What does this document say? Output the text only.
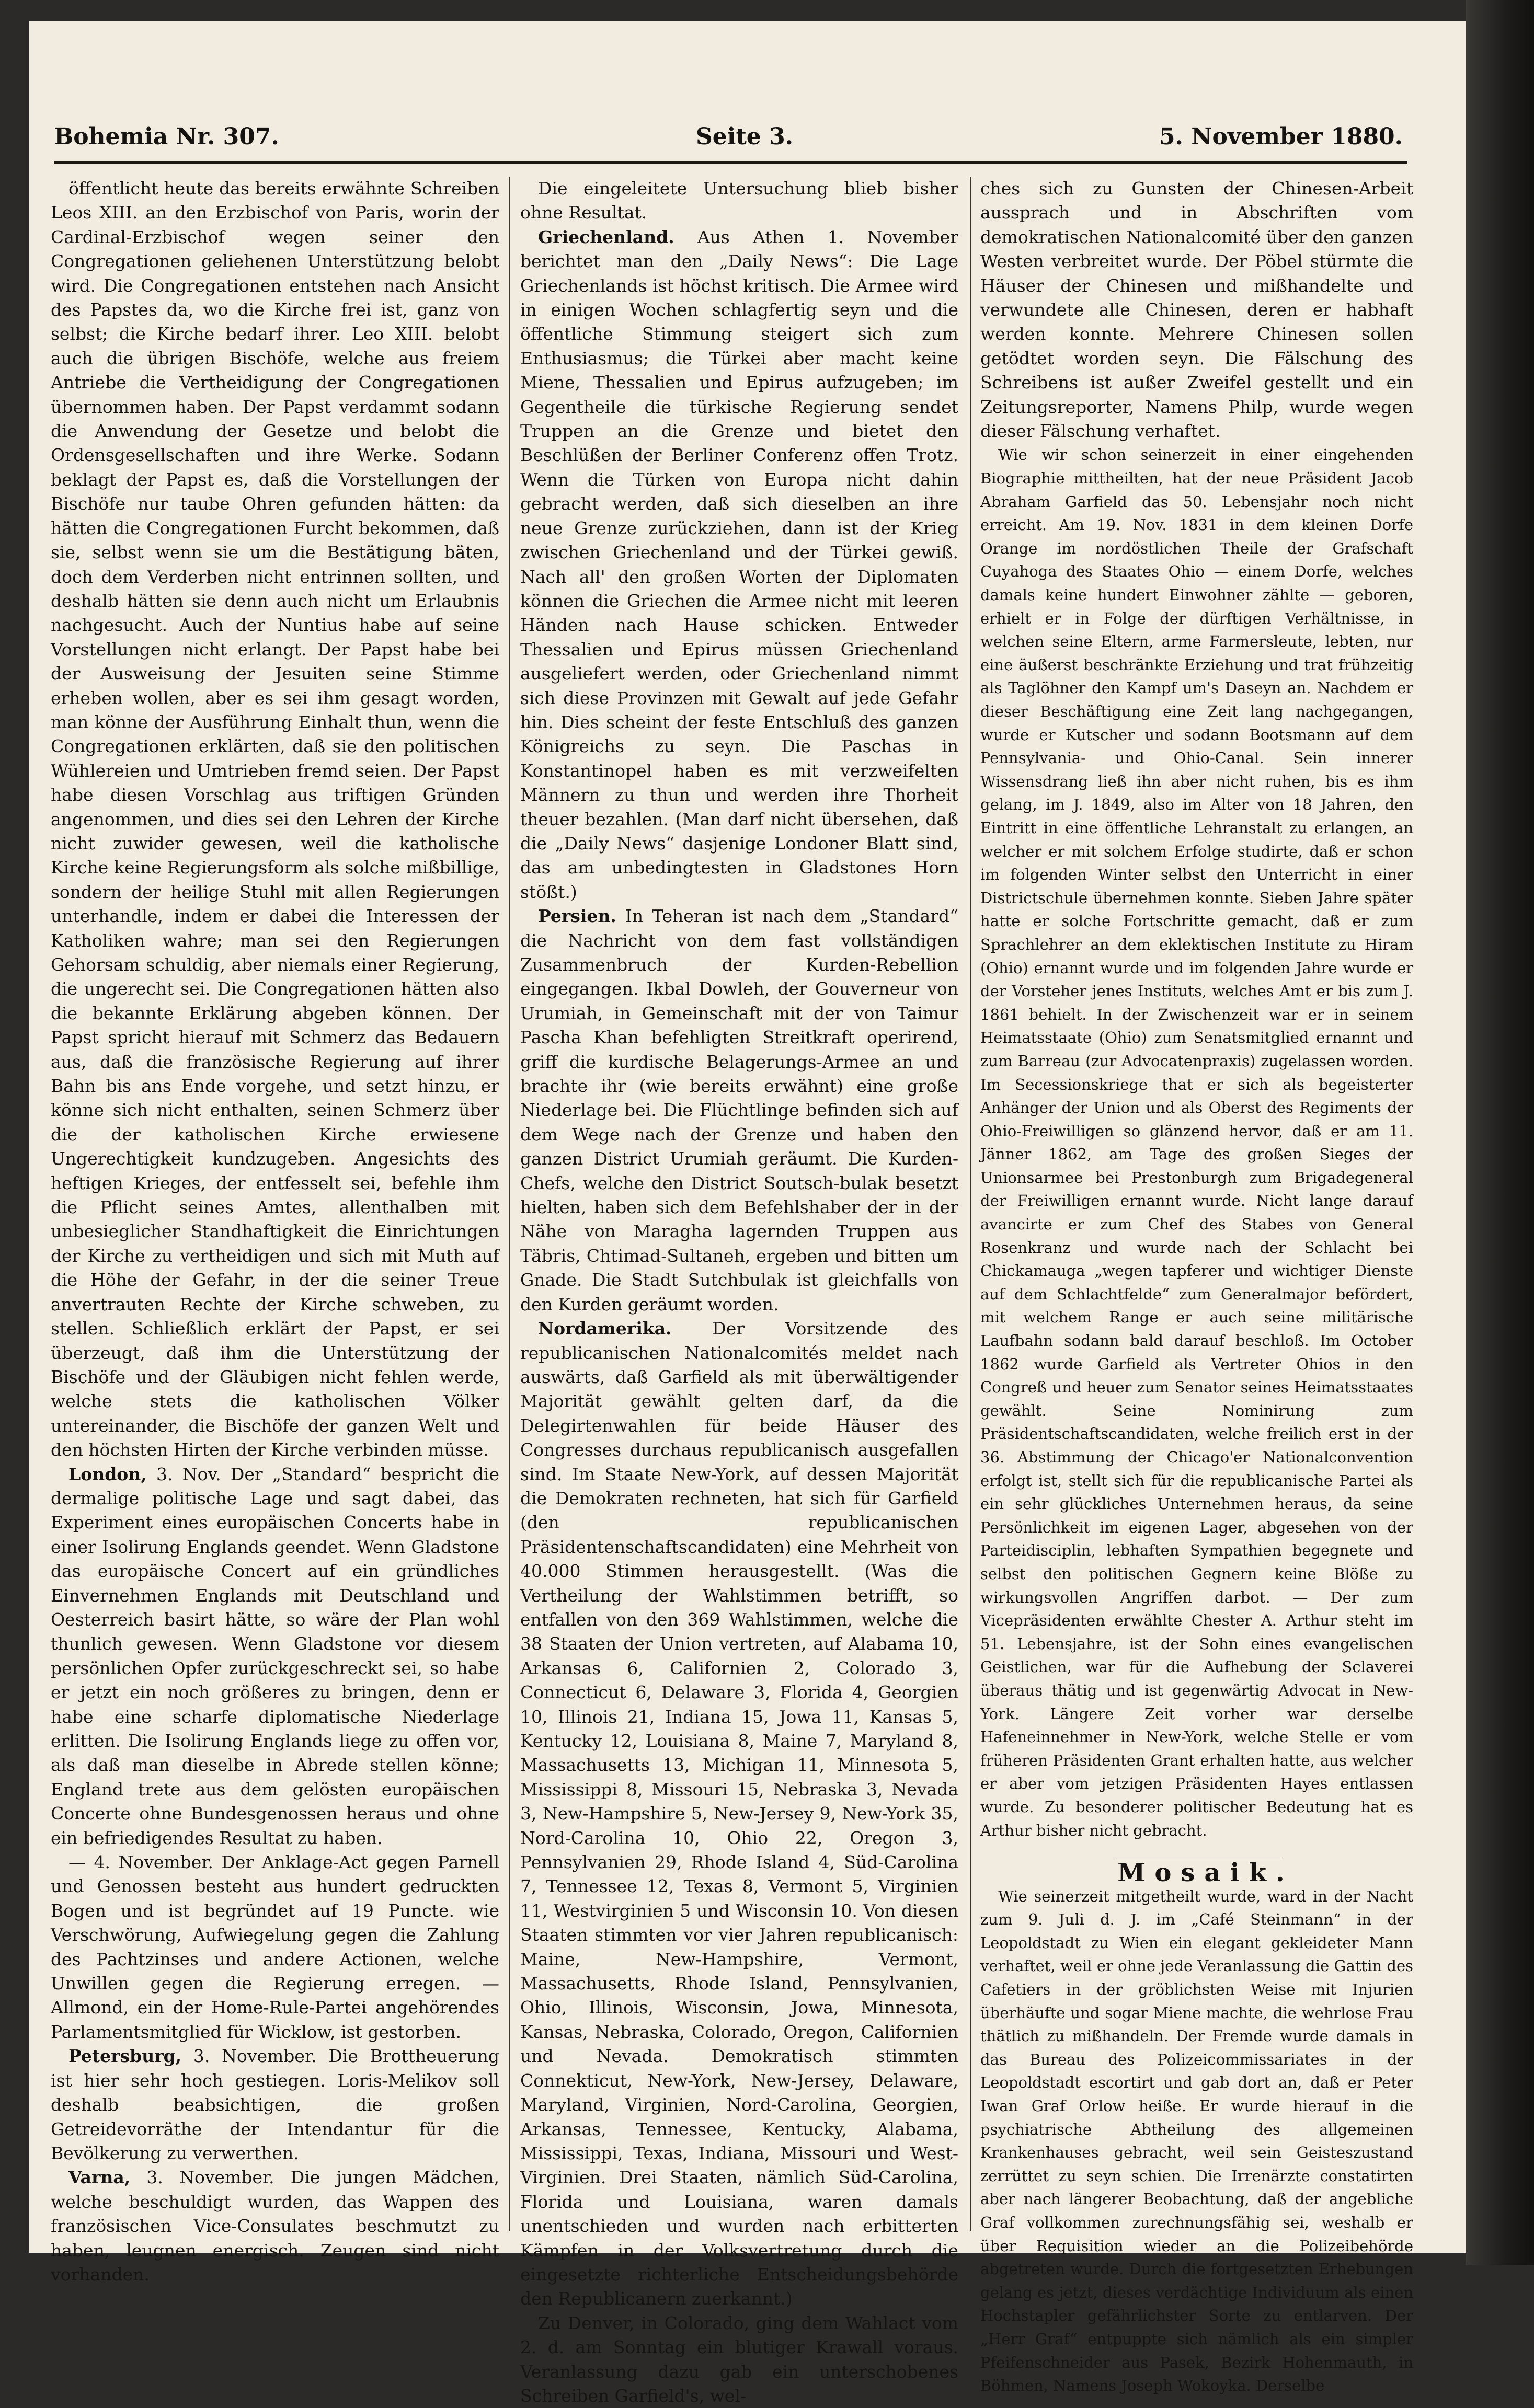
Bohemia Nr. 307.	Seite 3.	5. November 1880.

öffentlicht heute das bereits erwähnte Schreiben Leos XIII. an den Erzbischof von Paris, worin der Cardinal-Erzbischof wegen seiner den Congregationen geliehenen Unterstützung belobt wird. Die Congregationen entstehen nach Ansicht des Papstes da, wo die Kirche frei ist, ganz von selbst; die Kirche bedarf ihrer. Leo XIII. belobt auch die übrigen Bischöfe, welche aus freiem Antriebe die Vertheidigung der Congregationen übernommen haben. Der Papst verdammt sodann die Anwendung der Gesetze und belobt die Ordensgesellschaften und ihre Werke. Sodann beklagt der Papst es, daß die Vorstellungen der Bischöfe nur taube Ohren gefunden hätten: da hätten die Congregationen Furcht bekommen, daß sie, selbst wenn sie um die Bestätigung bäten, doch dem Verderben nicht entrinnen sollten, und deshalb hätten sie denn auch nicht um Erlaubnis nachgesucht. Auch der Nuntius habe auf seine Vorstellungen nicht erlangt. Der Papst habe bei der Ausweisung der Jesuiten seine Stimme erheben wollen, aber es sei ihm gesagt worden, man könne der Ausführung Einhalt thun, wenn die Congregationen erklärten, daß sie den politischen Wühlereien und Umtrieben fremd seien. Der Papst habe diesen Vorschlag aus triftigen Gründen angenommen, und dies sei den Lehren der Kirche nicht zuwider gewesen, weil die katholische Kirche keine Regierungsform als solche mißbillige, sondern der heilige Stuhl mit allen Regierungen unterhandle, indem er dabei die Interessen der Katholiken wahre; man sei den Regierungen Gehorsam schuldig, aber niemals einer Regierung, die ungerecht sei. Die Congregationen hätten also die bekannte Erklärung abgeben können. Der Papst spricht hierauf mit Schmerz das Bedauern aus, daß die französische Regierung auf ihrer Bahn bis ans Ende vorgehe, und setzt hinzu, er könne sich nicht enthalten, seinen Schmerz über die der katholischen Kirche erwiesene Ungerechtigkeit kundzugeben. Angesichts des heftigen Krieges, der entfesselt sei, befehle ihm die Pflicht seines Amtes, allenthalben mit unbesieglicher Standhaftigkeit die Einrichtungen der Kirche zu vertheidigen und sich mit Muth auf die Höhe der Gefahr, in der die seiner Treue anvertrauten Rechte der Kirche schweben, zu stellen. Schließlich erklärt der Papst, er sei überzeugt, daß ihm die Unterstützung der Bischöfe und der Gläubigen nicht fehlen werde, welche stets die katholischen Völker untereinander, die Bischöfe der ganzen Welt und den höchsten Hirten der Kirche verbinden müsse.

London, 3. Nov. Der „Standard“ bespricht die dermalige politische Lage und sagt dabei, das Experiment eines europäischen Concerts habe in einer Isolirung Englands geendet. Wenn Gladstone das europäische Concert auf ein gründliches Einvernehmen Englands mit Deutschland und Oesterreich basirt hätte, so wäre der Plan wohl thunlich gewesen. Wenn Gladstone vor diesem persönlichen Opfer zurückgeschreckt sei, so habe er jetzt ein noch größeres zu bringen, denn er habe eine scharfe diplomatische Niederlage erlitten. Die Isolirung Englands liege zu offen vor, als daß man dieselbe in Abrede stellen könne; England trete aus dem gelösten europäischen Concerte ohne Bundesgenossen heraus und ohne ein befriedigendes Resultat zu haben.

— 4. November. Der Anklage-Act gegen Parnell und Genossen besteht aus hundert gedruckten Bogen und ist begründet auf 19 Puncte. wie Verschwörung, Aufwiegelung gegen die Zahlung des Pachtzinses und andere Actionen, welche Unwillen gegen die Regierung erregen. — Allmond, ein der Home-Rule-Partei angehörendes Parlamentsmitglied für Wicklow, ist gestorben.

Petersburg, 3. November. Die Brottheuerung ist hier sehr hoch gestiegen. Loris-Melikov soll deshalb beabsichtigen, die großen Getreidevorräthe der Intendantur für die Bevölkerung zu verwerthen.

Varna, 3. November. Die jungen Mädchen, welche beschuldigt wurden, das Wappen des französischen Vice-Consulates beschmutzt zu haben, leugnen energisch. Zeugen sind nicht vorhanden.

Die eingeleitete Untersuchung blieb bisher ohne Resultat.

Griechenland. Aus Athen 1. November berichtet man den „Daily News“: Die Lage Griechenlands ist höchst kritisch. Die Armee wird in einigen Wochen schlagfertig seyn und die öffentliche Stimmung steigert sich zum Enthusiasmus; die Türkei aber macht keine Miene, Thessalien und Epirus aufzugeben; im Gegentheile die türkische Regierung sendet Truppen an die Grenze und bietet den Beschlüßen der Berliner Conferenz offen Trotz. Wenn die Türken von Europa nicht dahin gebracht werden, daß sich dieselben an ihre neue Grenze zurückziehen, dann ist der Krieg zwischen Griechenland und der Türkei gewiß. Nach all' den großen Worten der Diplomaten können die Griechen die Armee nicht mit leeren Händen nach Hause schicken. Entweder Thessalien und Epirus müssen Griechenland ausgeliefert werden, oder Griechenland nimmt sich diese Provinzen mit Gewalt auf jede Gefahr hin. Dies scheint der feste Entschluß des ganzen Königreichs zu seyn. Die Paschas in Konstantinopel haben es mit verzweifelten Männern zu thun und werden ihre Thorheit theuer bezahlen. (Man darf nicht übersehen, daß die „Daily News“ dasjenige Londoner Blatt sind, das am unbedingtesten in Gladstones Horn stößt.)

Persien. In Teheran ist nach dem „Standard“ die Nachricht von dem fast vollständigen Zusammenbruch der Kurden-Rebellion eingegangen. Ikbal Dowleh, der Gouverneur von Urumiah, in Gemeinschaft mit der von Taimur Pascha Khan befehligten Streitkraft operirend, griff die kurdische Belagerungs-Armee an und brachte ihr (wie bereits erwähnt) eine große Niederlage bei. Die Flüchtlinge befinden sich auf dem Wege nach der Grenze und haben den ganzen District Urumiah geräumt. Die Kurden-Chefs, welche den District Soutsch-bulak besetzt hielten, haben sich dem Befehlshaber der in der Nähe von Maragha lagernden Truppen aus Täbris, Chtimad-Sultaneh, ergeben und bitten um Gnade. Die Stadt Sutchbulak ist gleichfalls von den Kurden geräumt worden.

Nordamerika. Der Vorsitzende des republicanischen Nationalcomités meldet nach auswärts, daß Garfield als mit überwältigender Majorität gewählt gelten darf, da die Delegirtenwahlen für beide Häuser des Congresses durchaus republicanisch ausgefallen sind. Im Staate New-York, auf dessen Majorität die Demokraten rechneten, hat sich für Garfield (den republicanischen Präsidentenschaftscandidaten) eine Mehrheit von 40.000 Stimmen herausgestellt. (Was die Vertheilung der Wahlstimmen betrifft, so entfallen von den 369 Wahlstimmen, welche die 38 Staaten der Union vertreten, auf Alabama 10, Arkansas 6, Californien 2, Colorado 3, Connecticut 6, Delaware 3, Florida 4, Georgien 10, Illinois 21, Indiana 15, Jowa 11, Kansas 5, Kentucky 12, Louisiana 8, Maine 7, Maryland 8, Massachusetts 13, Michigan 11, Minnesota 5, Mississippi 8, Missouri 15, Nebraska 3, Nevada 3, New-Hampshire 5, New-Jersey 9, New-York 35, Nord-Carolina 10, Ohio 22, Oregon 3, Pennsylvanien 29, Rhode Island 4, Süd-Carolina 7, Tennessee 12, Texas 8, Vermont 5, Virginien 11, Westvirginien 5 und Wisconsin 10. Von diesen Staaten stimmten vor vier Jahren republicanisch: Maine, New-Hampshire, Vermont, Massachusetts, Rhode Island, Pennsylvanien, Ohio, Illinois, Wisconsin, Jowa, Minnesota, Kansas, Nebraska, Colorado, Oregon, Californien und Nevada. Demokratisch stimmten Connekticut, New-York, New-Jersey, Delaware, Maryland, Virginien, Nord-Carolina, Georgien, Arkansas, Tennessee, Kentucky, Alabama, Mississippi, Texas, Indiana, Missouri und West-Virginien. Drei Staaten, nämlich Süd-Carolina, Florida und Louisiana, waren damals unentschieden und wurden nach erbitterten Kämpfen in der Volksvertretung durch die eingesetzte richterliche Entscheidungsbehörde den Republicanern zuerkannt.)

Zu Denver, in Colorado, ging dem Wahlact vom 2. d. am Sonntag ein blutiger Krawall voraus. Veranlassung dazu gab ein unterschobenes Schreiben Garfield's, wel-

ches sich zu Gunsten der Chinesen-Arbeit aussprach und in Abschriften vom demokratischen Nationalcomité über den ganzen Westen verbreitet wurde. Der Pöbel stürmte die Häuser der Chinesen und mißhandelte und verwundete alle Chinesen, deren er habhaft werden konnte. Mehrere Chinesen sollen getödtet worden seyn. Die Fälschung des Schreibens ist außer Zweifel gestellt und ein Zeitungsreporter, Namens Philp, wurde wegen dieser Fälschung verhaftet.

Wie wir schon seinerzeit in einer eingehenden Biographie mittheilten, hat der neue Präsident Jacob Abraham Garfield das 50. Lebensjahr noch nicht erreicht. Am 19. Nov. 1831 in dem kleinen Dorfe Orange im nordöstlichen Theile der Grafschaft Cuyahoga des Staates Ohio — einem Dorfe, welches damals keine hundert Einwohner zählte — geboren, erhielt er in Folge der dürftigen Verhältnisse, in welchen seine Eltern, arme Farmersleute, lebten, nur eine äußerst beschränkte Erziehung und trat frühzeitig als Taglöhner den Kampf um's Daseyn an. Nachdem er dieser Beschäftigung eine Zeit lang nachgegangen, wurde er Kutscher und sodann Bootsmann auf dem Pennsylvania- und Ohio-Canal. Sein innerer Wissensdrang ließ ihn aber nicht ruhen, bis es ihm gelang, im J. 1849, also im Alter von 18 Jahren, den Eintritt in eine öffentliche Lehranstalt zu erlangen, an welcher er mit solchem Erfolge studirte, daß er schon im folgenden Winter selbst den Unterricht in einer Districtschule übernehmen konnte. Sieben Jahre später hatte er solche Fortschritte gemacht, daß er zum Sprachlehrer an dem eklektischen Institute zu Hiram (Ohio) ernannt wurde und im folgenden Jahre wurde er der Vorsteher jenes Instituts, welches Amt er bis zum J. 1861 behielt. In der Zwischenzeit war er in seinem Heimatsstaate (Ohio) zum Senatsmitglied ernannt und zum Barreau (zur Advocatenpraxis) zugelassen worden. Im Secessionskriege that er sich als begeisterter Anhänger der Union und als Oberst des Regiments der Ohio-Freiwilligen so glänzend hervor, daß er am 11. Jänner 1862, am Tage des großen Sieges der Unionsarmee bei Prestonburgh zum Brigadegeneral der Freiwilligen ernannt wurde. Nicht lange darauf avancirte er zum Chef des Stabes von General Rosenkranz und wurde nach der Schlacht bei Chickamauga „wegen tapferer und wichtiger Dienste auf dem Schlachtfelde“ zum Generalmajor befördert, mit welchem Range er auch seine militärische Laufbahn sodann bald darauf beschloß. Im October 1862 wurde Garfield als Vertreter Ohios in den Congreß und heuer zum Senator seines Heimatsstaates gewählt. Seine Nominirung zum Präsidentschaftscandidaten, welche freilich erst in der 36. Abstimmung der Chicago'er Nationalconvention erfolgt ist, stellt sich für die republicanische Partei als ein sehr glückliches Unternehmen heraus, da seine Persönlichkeit im eigenen Lager, abgesehen von der Parteidisciplin, lebhaften Sympathien begegnete und selbst den politischen Gegnern keine Blöße zu wirkungsvollen Angriffen darbot. — Der zum Vicepräsidenten erwählte Chester A. Arthur steht im 51. Lebensjahre, ist der Sohn eines evangelischen Geistlichen, war für die Aufhebung der Sclaverei überaus thätig und ist gegenwärtig Advocat in New-York. Längere Zeit vorher war derselbe Hafeneinnehmer in New-York, welche Stelle er vom früheren Präsidenten Grant erhalten hatte, aus welcher er aber vom jetzigen Präsidenten Hayes entlassen wurde. Zu besonderer politischer Bedeutung hat es Arthur bisher nicht gebracht.

Mosaik.

Wie seinerzeit mitgetheilt wurde, ward in der Nacht zum 9. Juli d. J. im „Café Steinmann“ in der Leopoldstadt zu Wien ein elegant gekleideter Mann verhaftet, weil er ohne jede Veranlassung die Gattin des Cafetiers in der gröblichsten Weise mit Injurien überhäufte und sogar Miene machte, die wehrlose Frau thätlich zu mißhandeln. Der Fremde wurde damals in das Bureau des Polizeicommissariates in der Leopoldstadt escortirt und gab dort an, daß er Peter Iwan Graf Orlow heiße. Er wurde hierauf in die psychiatrische Abtheilung des allgemeinen Krankenhauses gebracht, weil sein Geisteszustand zerrüttet zu seyn schien. Die Irrenärzte constatirten aber nach längerer Beobachtung, daß der angebliche Graf vollkommen zurechnungsfähig sei, weshalb er über Requisition wieder an die Polizeibehörde abgetreten wurde. Durch die fortgesetzten Erhebungen gelang es jetzt, dieses verdächtige Individuum als einen Hochstapler gefährlichster Sorte zu entlarven. Der „Herr Graf“ entpuppte sich nämlich als ein simpler Pfeifenschneider aus Pasek, Bezirk Hohenmauth, in Böhmen, Namens Joseph Wokoyka. Derselbe
